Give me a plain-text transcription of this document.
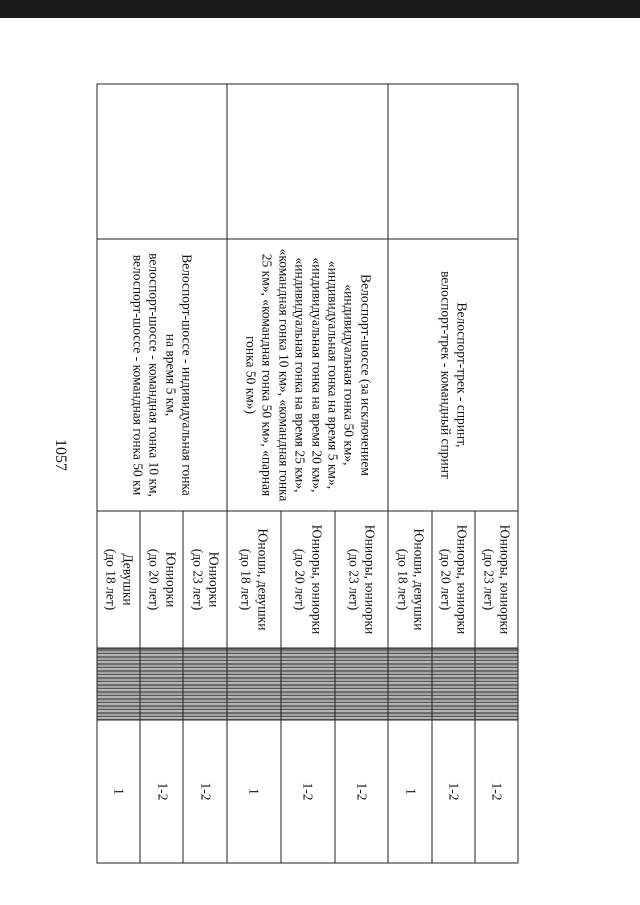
1057

	Велоспорт-трек - спринт,
велоспорт-трек - командный спринт	Юниоры, юниорки
(до 23 лет)		1-2

		Юниоры, юниорки
(до 20 лет)		1-2

		Юноши, девушки
(до 18 лет)		1

	Велоспорт-шоссе (за исключением «индивидуальная гонка 50 км», «индивидуальная гонка на время 5 км», «индивидуальная гонка на время 20 км», «индивидуальная гонка на время 25 км», «командная гонка 10 км», «командная гонка 25 км», «командная гонка 50 км», «парная гонка 50 км»)	Юниоры, юниорки
(до 23 лет)		1-2

		Юниоры, юниорки
(до 20 лет)		1-2

		Юноши, девушки
(до 18 лет)		1

	Велоспорт-шоссе - индивидуальная гонка
на время 5 км,
велоспорт-шоссе - командная гонка 10 км,
велоспорт-шоссе - командная гонка 50 км	Юниорки
(до 23 лет)		1-2

		Юниорки
(до 20 лет)		1-2

		Девушки
(до 18 лет)		1
